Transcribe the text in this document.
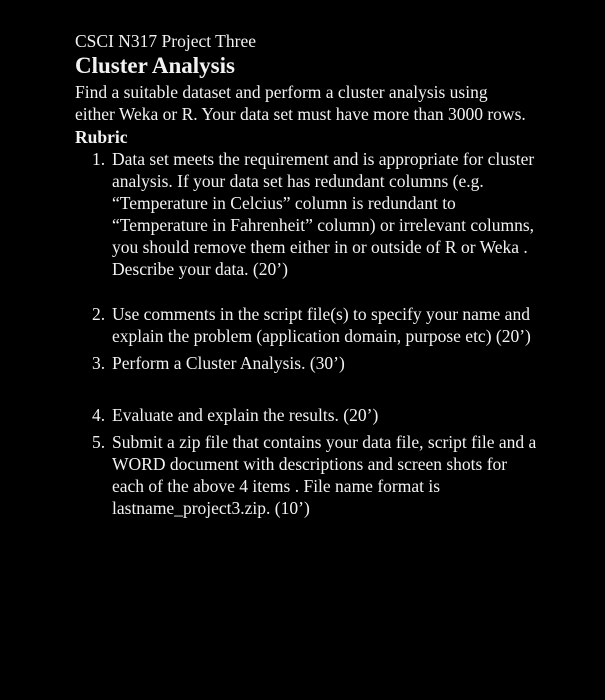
CSCI N317 Project Three

Cluster Analysis

Find a suitable dataset and perform a cluster analysis using either Weka or R. Your data set must have more than 3000 rows.

Rubric

1. Data set meets the requirement and is appropriate for cluster analysis. If your data set has redundant columns (e.g. “Temperature in Celcius” column is redundant to “Temperature in Fahrenheit” column) or irrelevant columns, you should remove them either in or outside of R or Weka . Describe your data. (20’)
2. Use comments in the script file(s) to specify your name and explain the problem (application domain, purpose etc) (20’)
3. Perform a Cluster Analysis. (30’)
4. Evaluate and explain the results. (20’)
5. Submit a zip file that contains your data file, script file and a WORD document with descriptions and screen shots for each of the above 4 items . File name format is lastname_project3.zip. (10’)
